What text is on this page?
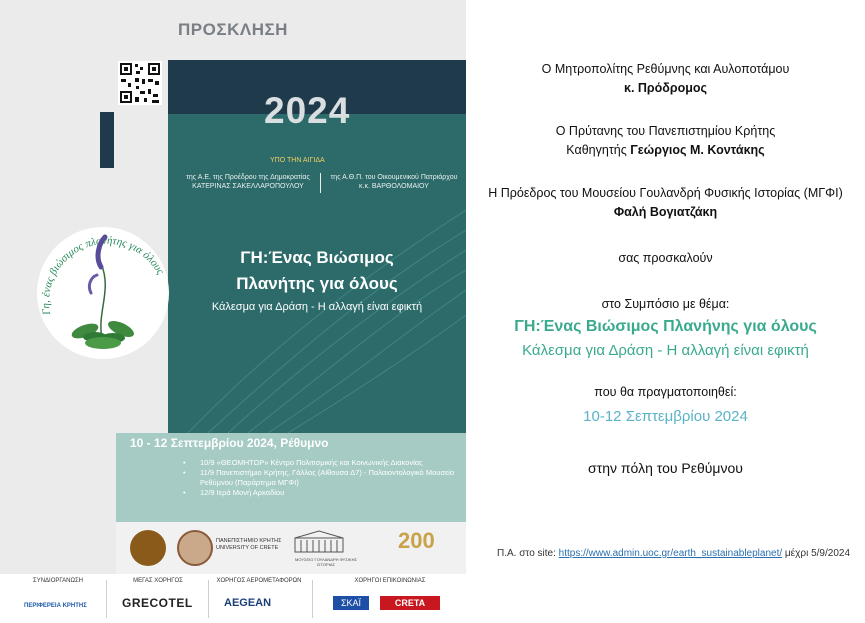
ΠΡΟΣΚΛΗΣΗ
2024
ΥΠΟ ΤΗΝ ΑΙΓΙΔΑ
της Α.Ε. της Προέδρου της Δημοκρατίας
ΚΑΤΕΡΙΝΑΣ ΣΑΚΕΛΛΑΡΟΠΟΥΛΟΥ
της Α.Θ.Π. του Οικουμενικού Πατριάρχου
κ.κ. ΒΑΡΘΟΛΟΜΑΙΟΥ
ΓΗ:Ένας Βιώσιμος
Πλανήτης για όλους
Κάλεσμα για Δράση - Η αλλαγή είναι εφικτή
Γη, ένας βιώσιμος πλανήτης για όλους
10 - 12 Σεπτεμβρίου 2024, Ρέθυμνο
• 10/9 «ΘΕΟΜΗΤΩΡ» Κέντρο Πολιτισμικής και Κοινωνικής Διακονίας
• 11/9 Πανεπιστήμιο Κρήτης, Γάλλος (Αίθουσα Δ7) - Παλαιοντολογικό Μουσείο Ρεθύμνου (Παράρτημα ΜΓΦΙ)
• 12/9 Ιερά Μονή Αρκαδίου
ΠΑΝΕΠΙΣΤΗΜΙΟ ΚΡΗΤΗΣ
UNIVERSITY OF CRETE
ΜΟΥΣΕΙΟ ΓΟΥΛΑΝΔΡΗ ΦΥΣΙΚΗΣ ΙΣΤΟΡΙΑΣ
200
ΣΥΝΔΙΟΡΓΑΝΩΣΗ	ΜΕΓΑΣ ΧΟΡΗΓΟΣ	ΧΟΡΗΓΟΣ ΑΕΡΟΜΕΤΑΦΟΡΩΝ	ΧΟΡΗΓΟΙ ΕΠΙΚΟΙΝΩΝΙΑΣ
ΠΕΡΙΦΕΡΕΙΑ ΚΡΗΤΗΣ	GRECOTEL	AEGEAN	ΣΚΑΪ	CRETA
Ο Μητροπολίτης Ρεθύμνης και Αυλοποτάμου
κ. Πρόδρομος
Ο Πρύτανης του Πανεπιστημίου Κρήτης
Καθηγητής Γεώργιος Μ. Κοντάκης
Η Πρόεδρος του Μουσείου Γουλανδρή Φυσικής Ιστορίας (ΜΓΦΙ)
Φαλή Βογιατζάκη
σας προσκαλούν
στο Συμπόσιο με θέμα:
ΓΗ:Ένας Βιώσιμος Πλανήνης για όλους
Κάλεσμα για Δράση - Η αλλαγή είναι εφικτή
που θα πραγματοποιηθεί:
10-12 Σεπτεμβρίου 2024
στην πόλη του Ρεθύμνου
Π.Α. στο site: https://www.admin.uoc.gr/earth_sustainableplanet/ μέχρι 5/9/2024
